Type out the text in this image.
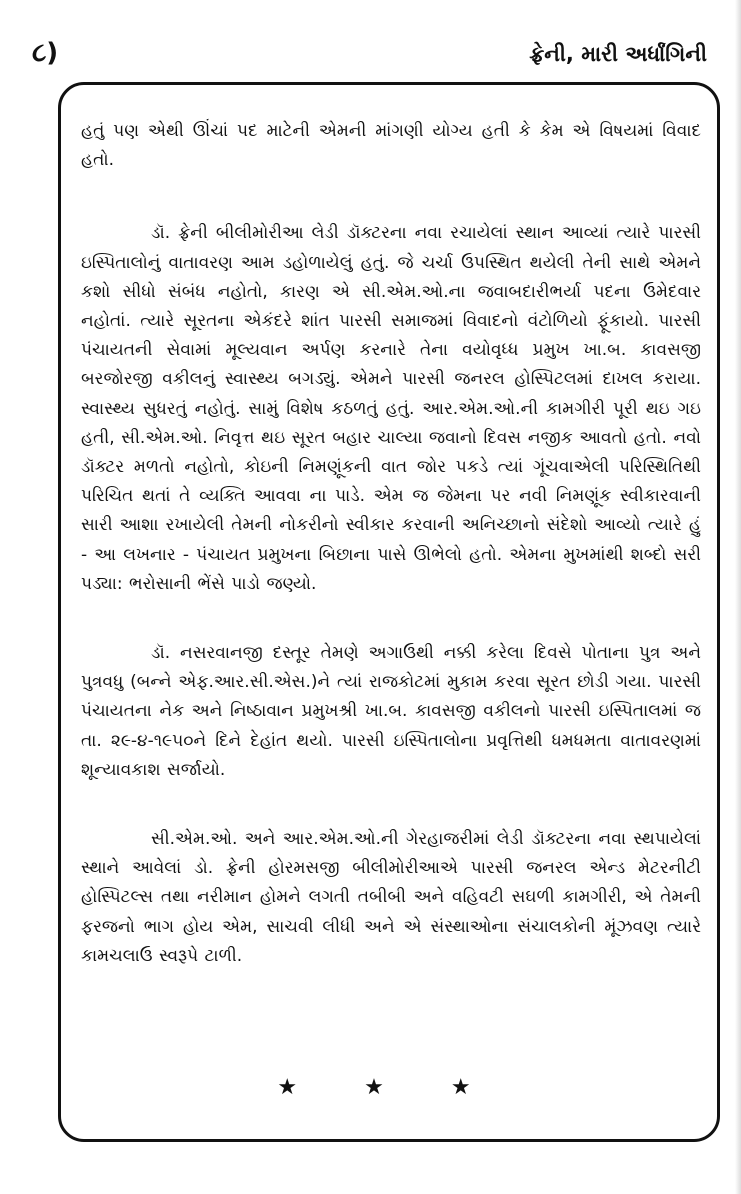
૮)	ફ્રેની, મારી અર્ધાંગિની

હતું પણ એથી ઊંચાં પદ માટેની એમની માંગણી યોગ્ય હતી કે કેમ એ વિષયમાં વિવાદ હતો.

ડૉ. ફ્રેની બીલીમોરીઆ લેડી ડૉક્ટરના નવા રચાયેલાં સ્થાન આવ્યાં ત્યારે પારસી ઇસ્પિતાલોનું વાતાવરણ આમ ડહોળાયેલું હતું. જે ચર્ચા ઉપસ્થિત થયેલી તેની સાથે એમને કશો સીધો સંબંધ નહોતો, કારણ એ સી.એમ.ઓ.ના જવાબદારીભર્યા પદના ઉમેદવાર નહોતાં. ત્યારે સૂરતના એકંદરે શાંત પારસી સમાજમાં વિવાદનો વંટોળિયો ફૂંકાયો. પારસી પંચાયતની સેવામાં મૂલ્યવાન અર્પણ કરનારે તેના વયોવૃધ્ધ પ્રમુખ ખા.બ. કાવસજી બરજોરજી વકીલનું સ્વાસ્થ્ય બગડ્યું. એમને પારસી જનરલ હોસ્પિટલમાં દાખલ કરાયા. સ્વાસ્થ્ય સુધરતું નહોતું. સામું વિશેષ કઠળતું હતું. આર.એમ.ઓ.ની કામગીરી પૂરી થઇ ગઇ હતી, સી.એમ.ઓ. નિવૃત્ત થઇ સૂરત બહાર ચાલ્યા જવાનો દિવસ નજીક આવતો હતો. નવો ડૉક્ટર મળતો નહોતો, કોઇની નિમણૂંકની વાત જોર પકડે ત્યાં ગૂંચવાએલી પરિસ્થિતિથી પરિચિત થતાં તે વ્યક્તિ આવવા ના પાડે. એમ જ જેમના પર નવી નિમણૂંક સ્વીકારવાની સારી આશા રખાયેલી તેમની નોકરીનો સ્વીકાર કરવાની અનિચ્છાનો સંદેશો આવ્યો ત્યારે હું - આ લખનાર - પંચાયત પ્રમુખના બિછાના પાસે ઊભેલો હતો. એમના મુખમાંથી શબ્દો સરી પડ્યા: ભરોસાની ભેંસે પાડો જણ્યો.

ડૉ. નસરવાનજી દસ્તૂર તેમણે અગાઉથી નક્કી કરેલા દિવસે પોતાના પુત્ર અને પુત્રવધુ (બન્ને એફ.આર.સી.એસ.)ને ત્યાં રાજકોટમાં મુકામ કરવા સૂરત છોડી ગયા. પારસી પંચાયતના નેક અને નિષ્ઠાવાન પ્રમુખશ્રી ખા.બ. કાવસજી વકીલનો પારસી ઇસ્પિતાલમાં જ તા. ૨૯-૪-૧૯૫૦ને દિને દેહાંત થયો. પારસી ઇસ્પિતાલોના પ્રવૃત્તિથી ધમધમતા વાતાવરણમાં શૂન્યાવકાશ સર્જાયો.

સી.એમ.ઓ. અને આર.એમ.ઓ.ની ગેરહાજરીમાં લેડી ડૉક્ટરના નવા સ્થપાયેલાં સ્થાને આવેલાં ડો. ફ્રેની હોરમસજી બીલીમોરીઆએ પારસી જનરલ એન્ડ મેટરનીટી હોસ્પિટલ્સ તથા નરીમાન હોમને લગતી તબીબી અને વહિવટી સઘળી કામગીરી, એ તેમની ફરજનો ભાગ હોય એમ, સાચવી લીધી અને એ સંસ્થાઓના સંચાલકોની મૂંઝવણ ત્યારે કામચલાઉ સ્વરૂપે ટાળી.

★ ★ ★
